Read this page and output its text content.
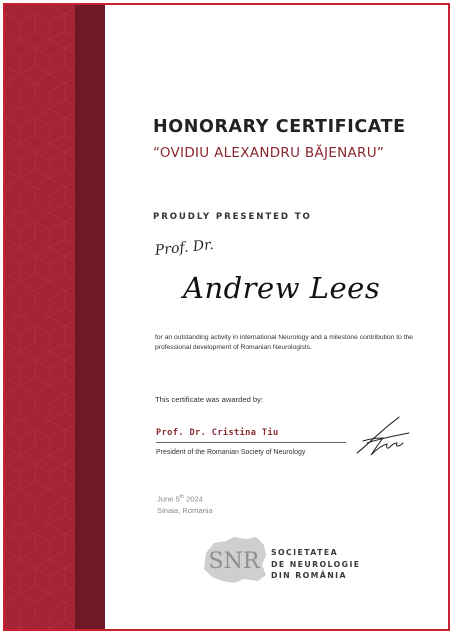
HONORARY CERTIFICATE
“OVIDIU ALEXANDRU BĂJENARU”
PROUDLY PRESENTED TO
Prof. Dr.
Andrew Lees
for an outstanding activity in international Neurology and a milestone contribution to the professional development of Romanian Neurologists.
This certificate was awarded by:
Prof. Dr. Cristina Tiu
President of the Romanian Society of Neurology
June 5th 2024
Sinaia, Romania
SNR SOCIETATEA
DE NEUROLOGIE
DIN ROMÂNIA
